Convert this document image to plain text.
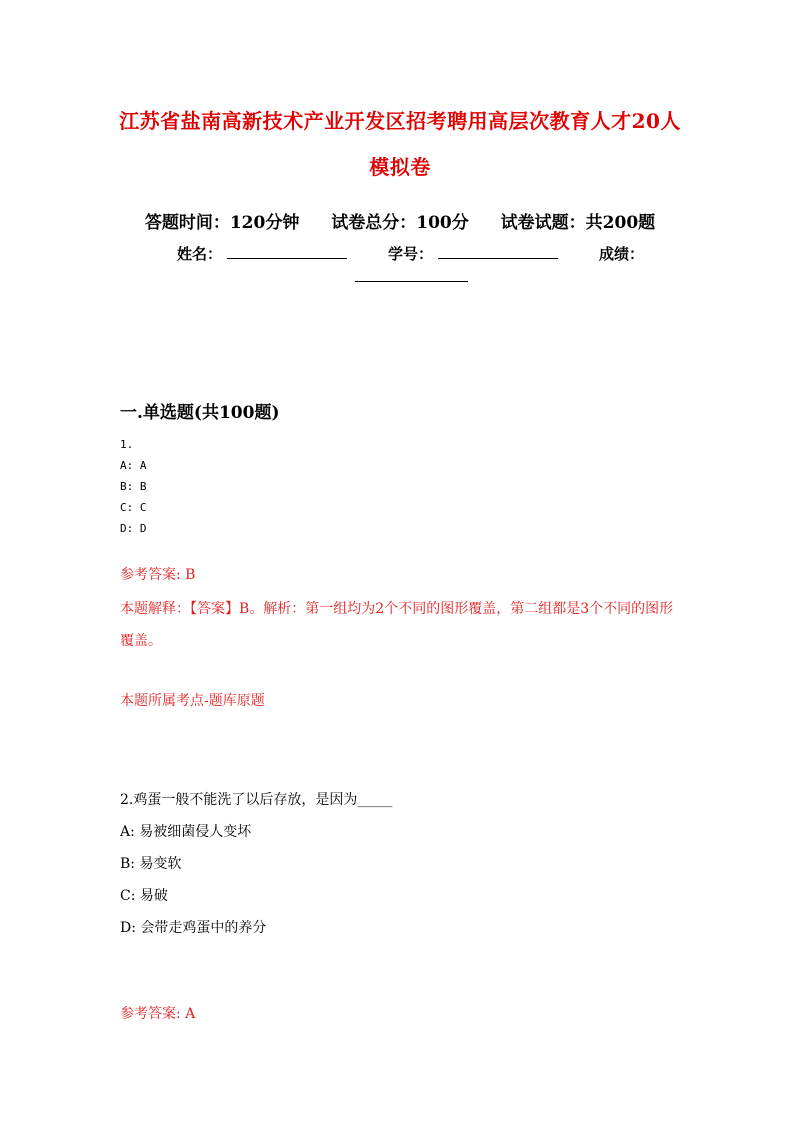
江苏省盐南高新技术产业开发区招考聘用高层次教育人才20人模拟卷
答题时间：120分钟 试卷总分：100分 试卷试题：共200题
姓名：	学号：	成绩：
一.单选题(共100题)
1.
A: A
B: B
C: C
D: D
参考答案: B
本题解释：【答案】B。解析：第一组均为2个不同的图形覆盖，第二组都是3个不同的图形覆盖。
本题所属考点-题库原题
2.鸡蛋一般不能洗了以后存放，是因为_____
A: 易被细菌侵人变坏
B: 易变软
C: 易破
D: 会带走鸡蛋中的养分
参考答案: A
